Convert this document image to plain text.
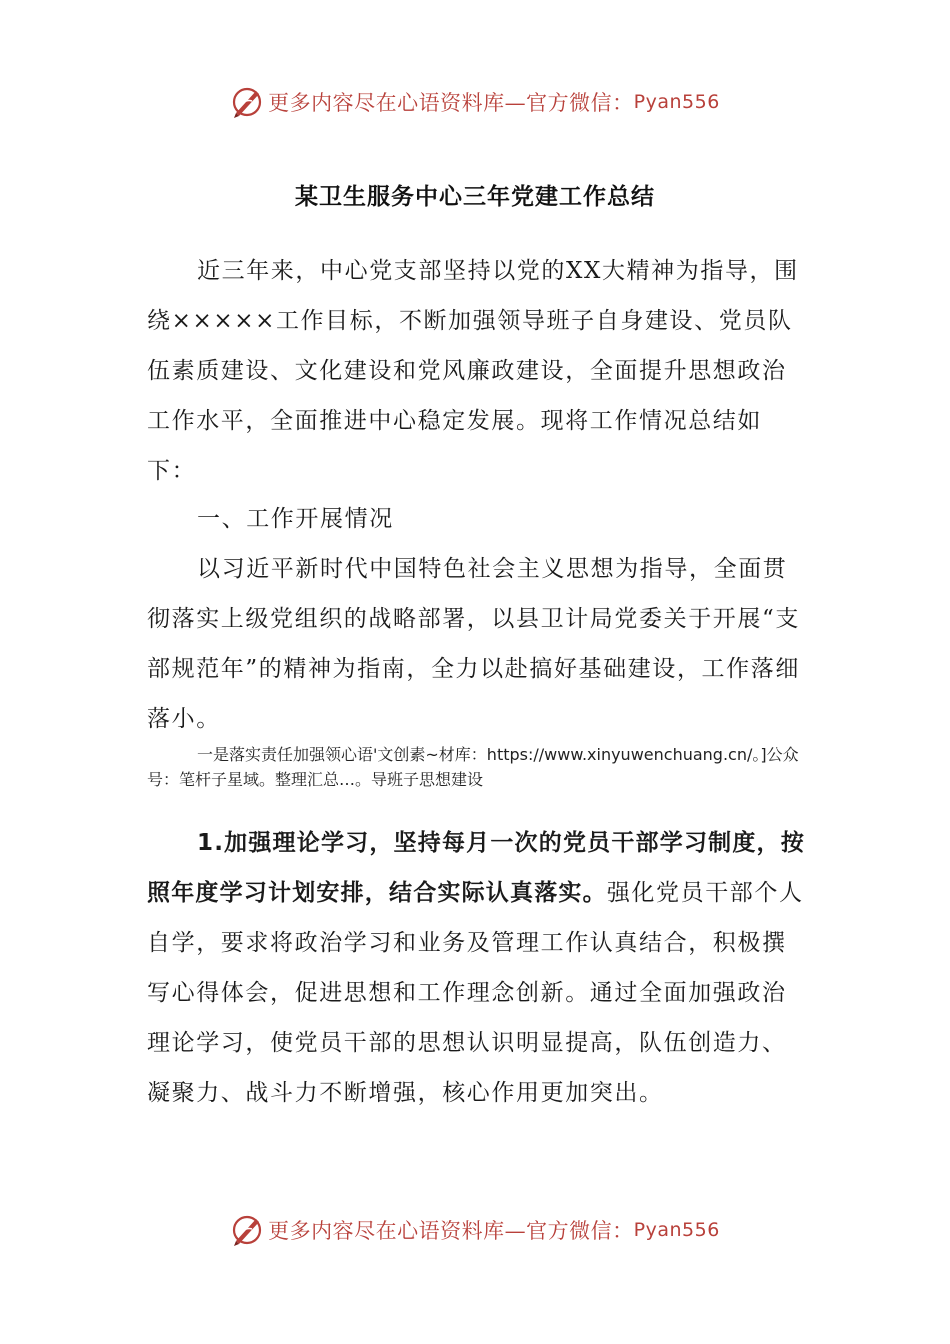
更多内容尽在心语资料库—官方微信： Pyan556
某卫生服务中心三年党建工作总结
近三年来，中心党支部坚持以党的XX大精神为指导，围绕×××××工作目标，不断加强领导班子自身建设、党员队伍素质建设、文化建设和党风廉政建设，全面提升思想政治工作水平，全面推进中心稳定发展。现将工作情况总结如下：
一、工作开展情况
以习近平新时代中国特色社会主义思想为指导，全面贯彻落实上级党组织的战略部署，以县卫计局党委关于开展“支部规范年”的精神为指南，全力以赴搞好基础建设，工作落细落小。
一是落实责任加强领心语'文创素~材库：https://www.xinyuwenchuang.cn/。]公众号：笔杆子星域。整理汇总…。导班子思想建设
1.加强理论学习，坚持每月一次的党员干部学习制度，按照年度学习计划安排，结合实际认真落实。强化党员干部个人自学，要求将政治学习和业务及管理工作认真结合，积极撰写心得体会，促进思想和工作理念创新。通过全面加强政治理论学习，使党员干部的思想认识明显提高，队伍创造力、凝聚力、战斗力不断增强，核心作用更加突出。
更多内容尽在心语资料库—官方微信： Pyan556
